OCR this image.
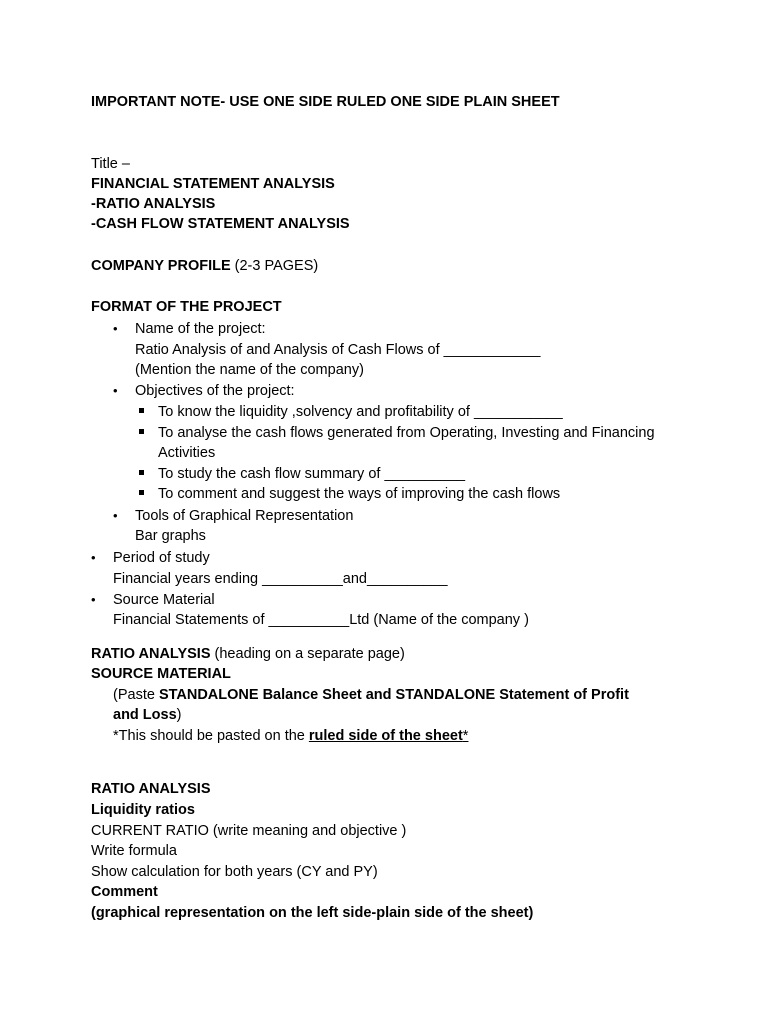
IMPORTANT NOTE- USE ONE SIDE RULED ONE SIDE PLAIN SHEET
Title –
FINANCIAL STATEMENT ANALYSIS
-RATIO ANALYSIS
-CASH FLOW STATEMENT ANALYSIS
COMPANY PROFILE (2-3 PAGES)
FORMAT OF THE PROJECT
• Name of the project:
Ratio Analysis of and Analysis of Cash Flows of ____________
(Mention the name of the company)
• Objectives of the project:
To know the liquidity ,solvency and profitability of ___________
To analyse the cash flows generated from Operating, Investing and Financing
Activities
To study the cash flow summary of __________
To comment and suggest the ways of improving the cash flows
• Tools of Graphical Representation
Bar graphs
• Period of study
Financial years ending __________and__________
• Source Material
Financial Statements of __________Ltd (Name of the company )
RATIO ANALYSIS (heading on a separate page)
SOURCE MATERIAL
(Paste STANDALONE Balance Sheet and STANDALONE Statement of Profit
and Loss)
*This should be pasted on the ruled side of the sheet*
RATIO ANALYSIS
Liquidity ratios
CURRENT RATIO (write meaning and objective )
Write formula
Show calculation for both years (CY and PY)
Comment
(graphical representation on the left side-plain side of the sheet)
